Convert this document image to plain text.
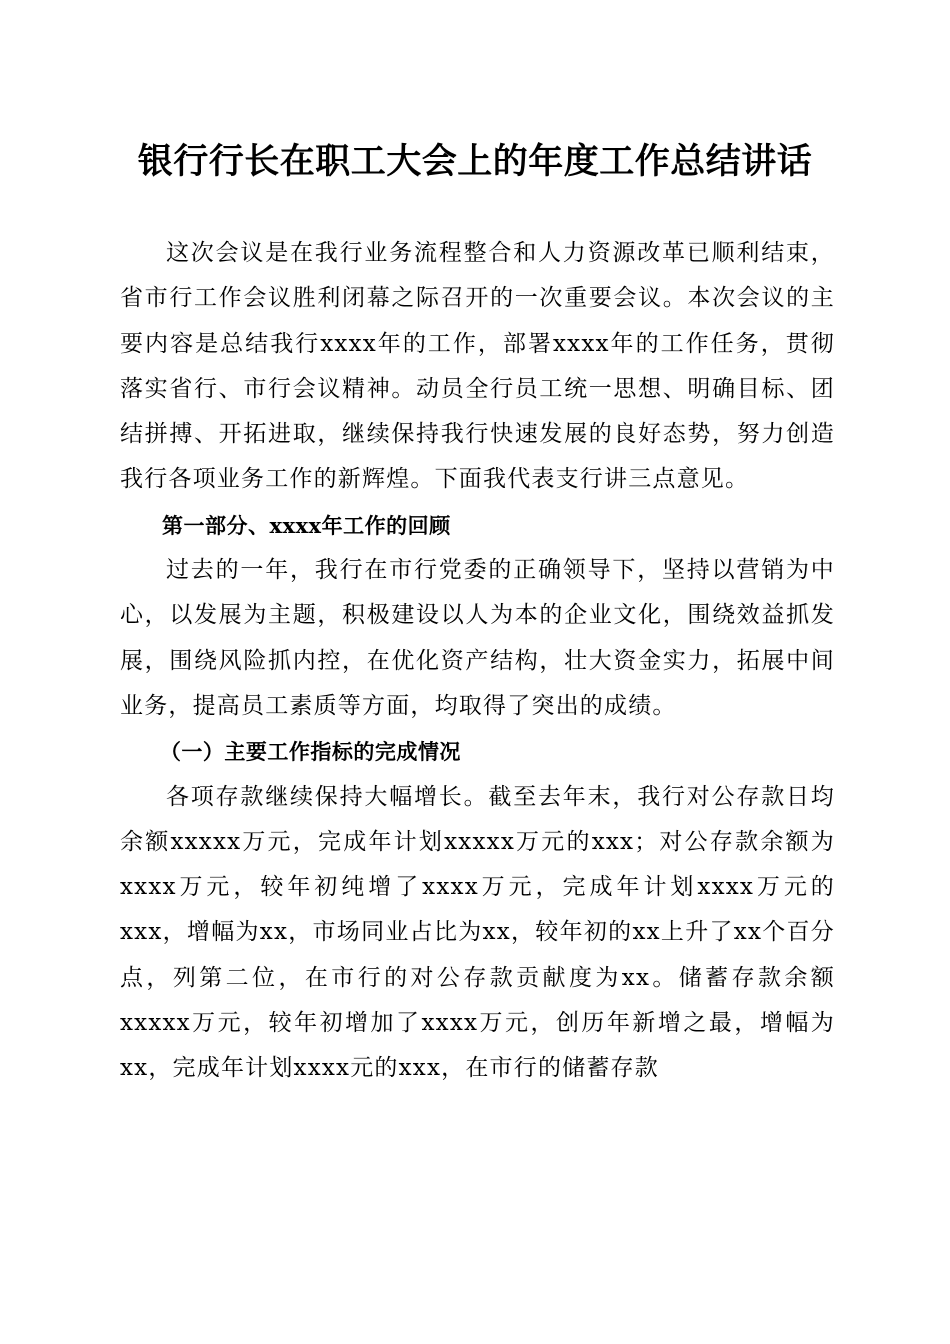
银行行长在职工大会上的年度工作总结讲话

这次会议是在我行业务流程整合和人力资源改革已顺利结束，省市行工作会议胜利闭幕之际召开的一次重要会议。本次会议的主要内容是总结我行xxxx年的工作，部署xxxx年的工作任务，贯彻落实省行、市行会议精神。动员全行员工统一思想、明确目标、团结拼搏、开拓进取，继续保持我行快速发展的良好态势，努力创造我行各项业务工作的新辉煌。下面我代表支行讲三点意见。

第一部分、xxxx年工作的回顾

过去的一年，我行在市行党委的正确领导下，坚持以营销为中心，以发展为主题，积极建设以人为本的企业文化，围绕效益抓发展，围绕风险抓内控，在优化资产结构，壮大资金实力，拓展中间业务，提高员工素质等方面，均取得了突出的成绩。

（一）主要工作指标的完成情况

各项存款继续保持大幅增长。截至去年末，我行对公存款日均余额xxxxx万元，完成年计划xxxxx万元的xxx；对公存款余额为xxxx万元，较年初纯增了xxxx万元，完成年计划xxxx万元的xxx，增幅为xx，市场同业占比为xx，较年初的xx上升了xx个百分点，列第二位，在市行的对公存款贡献度为xx。储蓄存款余额xxxxx万元，较年初增加了xxxx万元，创历年新增之最，增幅为xx，完成年计划xxxx元的xxx，在市行的储蓄存款
